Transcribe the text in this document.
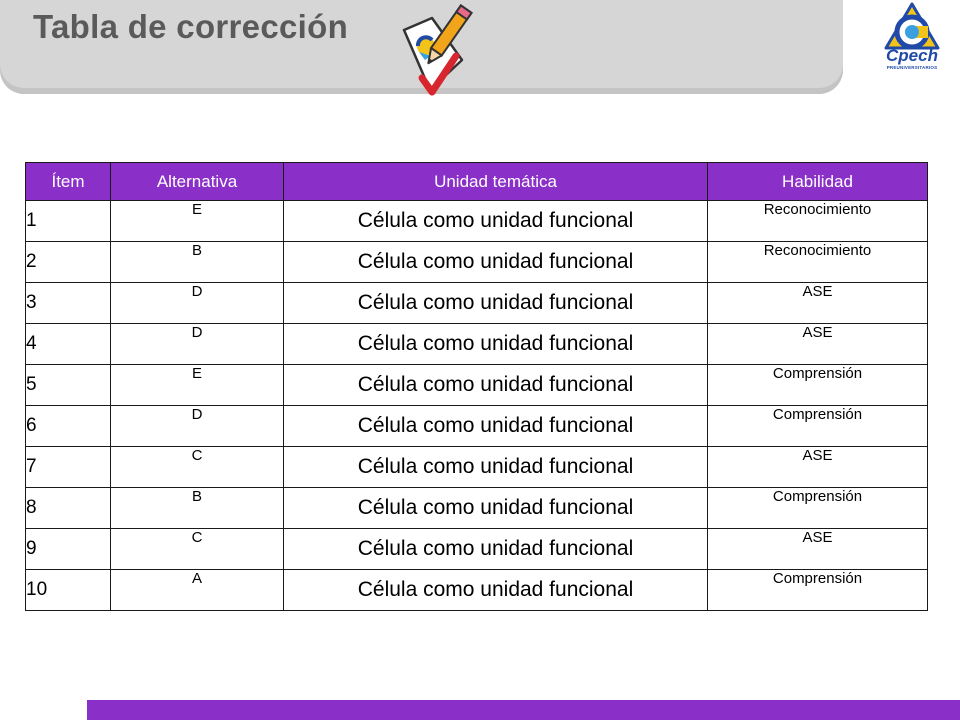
Tabla de corrección
Cpech
PREUNIVERSITARIOS
Ítem	Alternativa	Unidad temática	Habilidad
1	E	Célula como unidad funcional	Reconocimiento
2	B	Célula como unidad funcional	Reconocimiento
3	D	Célula como unidad funcional	ASE
4	D	Célula como unidad funcional	ASE
5	E	Célula como unidad funcional	Comprensión
6	D	Célula como unidad funcional	Comprensión
7	C	Célula como unidad funcional	ASE
8	B	Célula como unidad funcional	Comprensión
9	C	Célula como unidad funcional	ASE
10	A	Célula como unidad funcional	Comprensión
